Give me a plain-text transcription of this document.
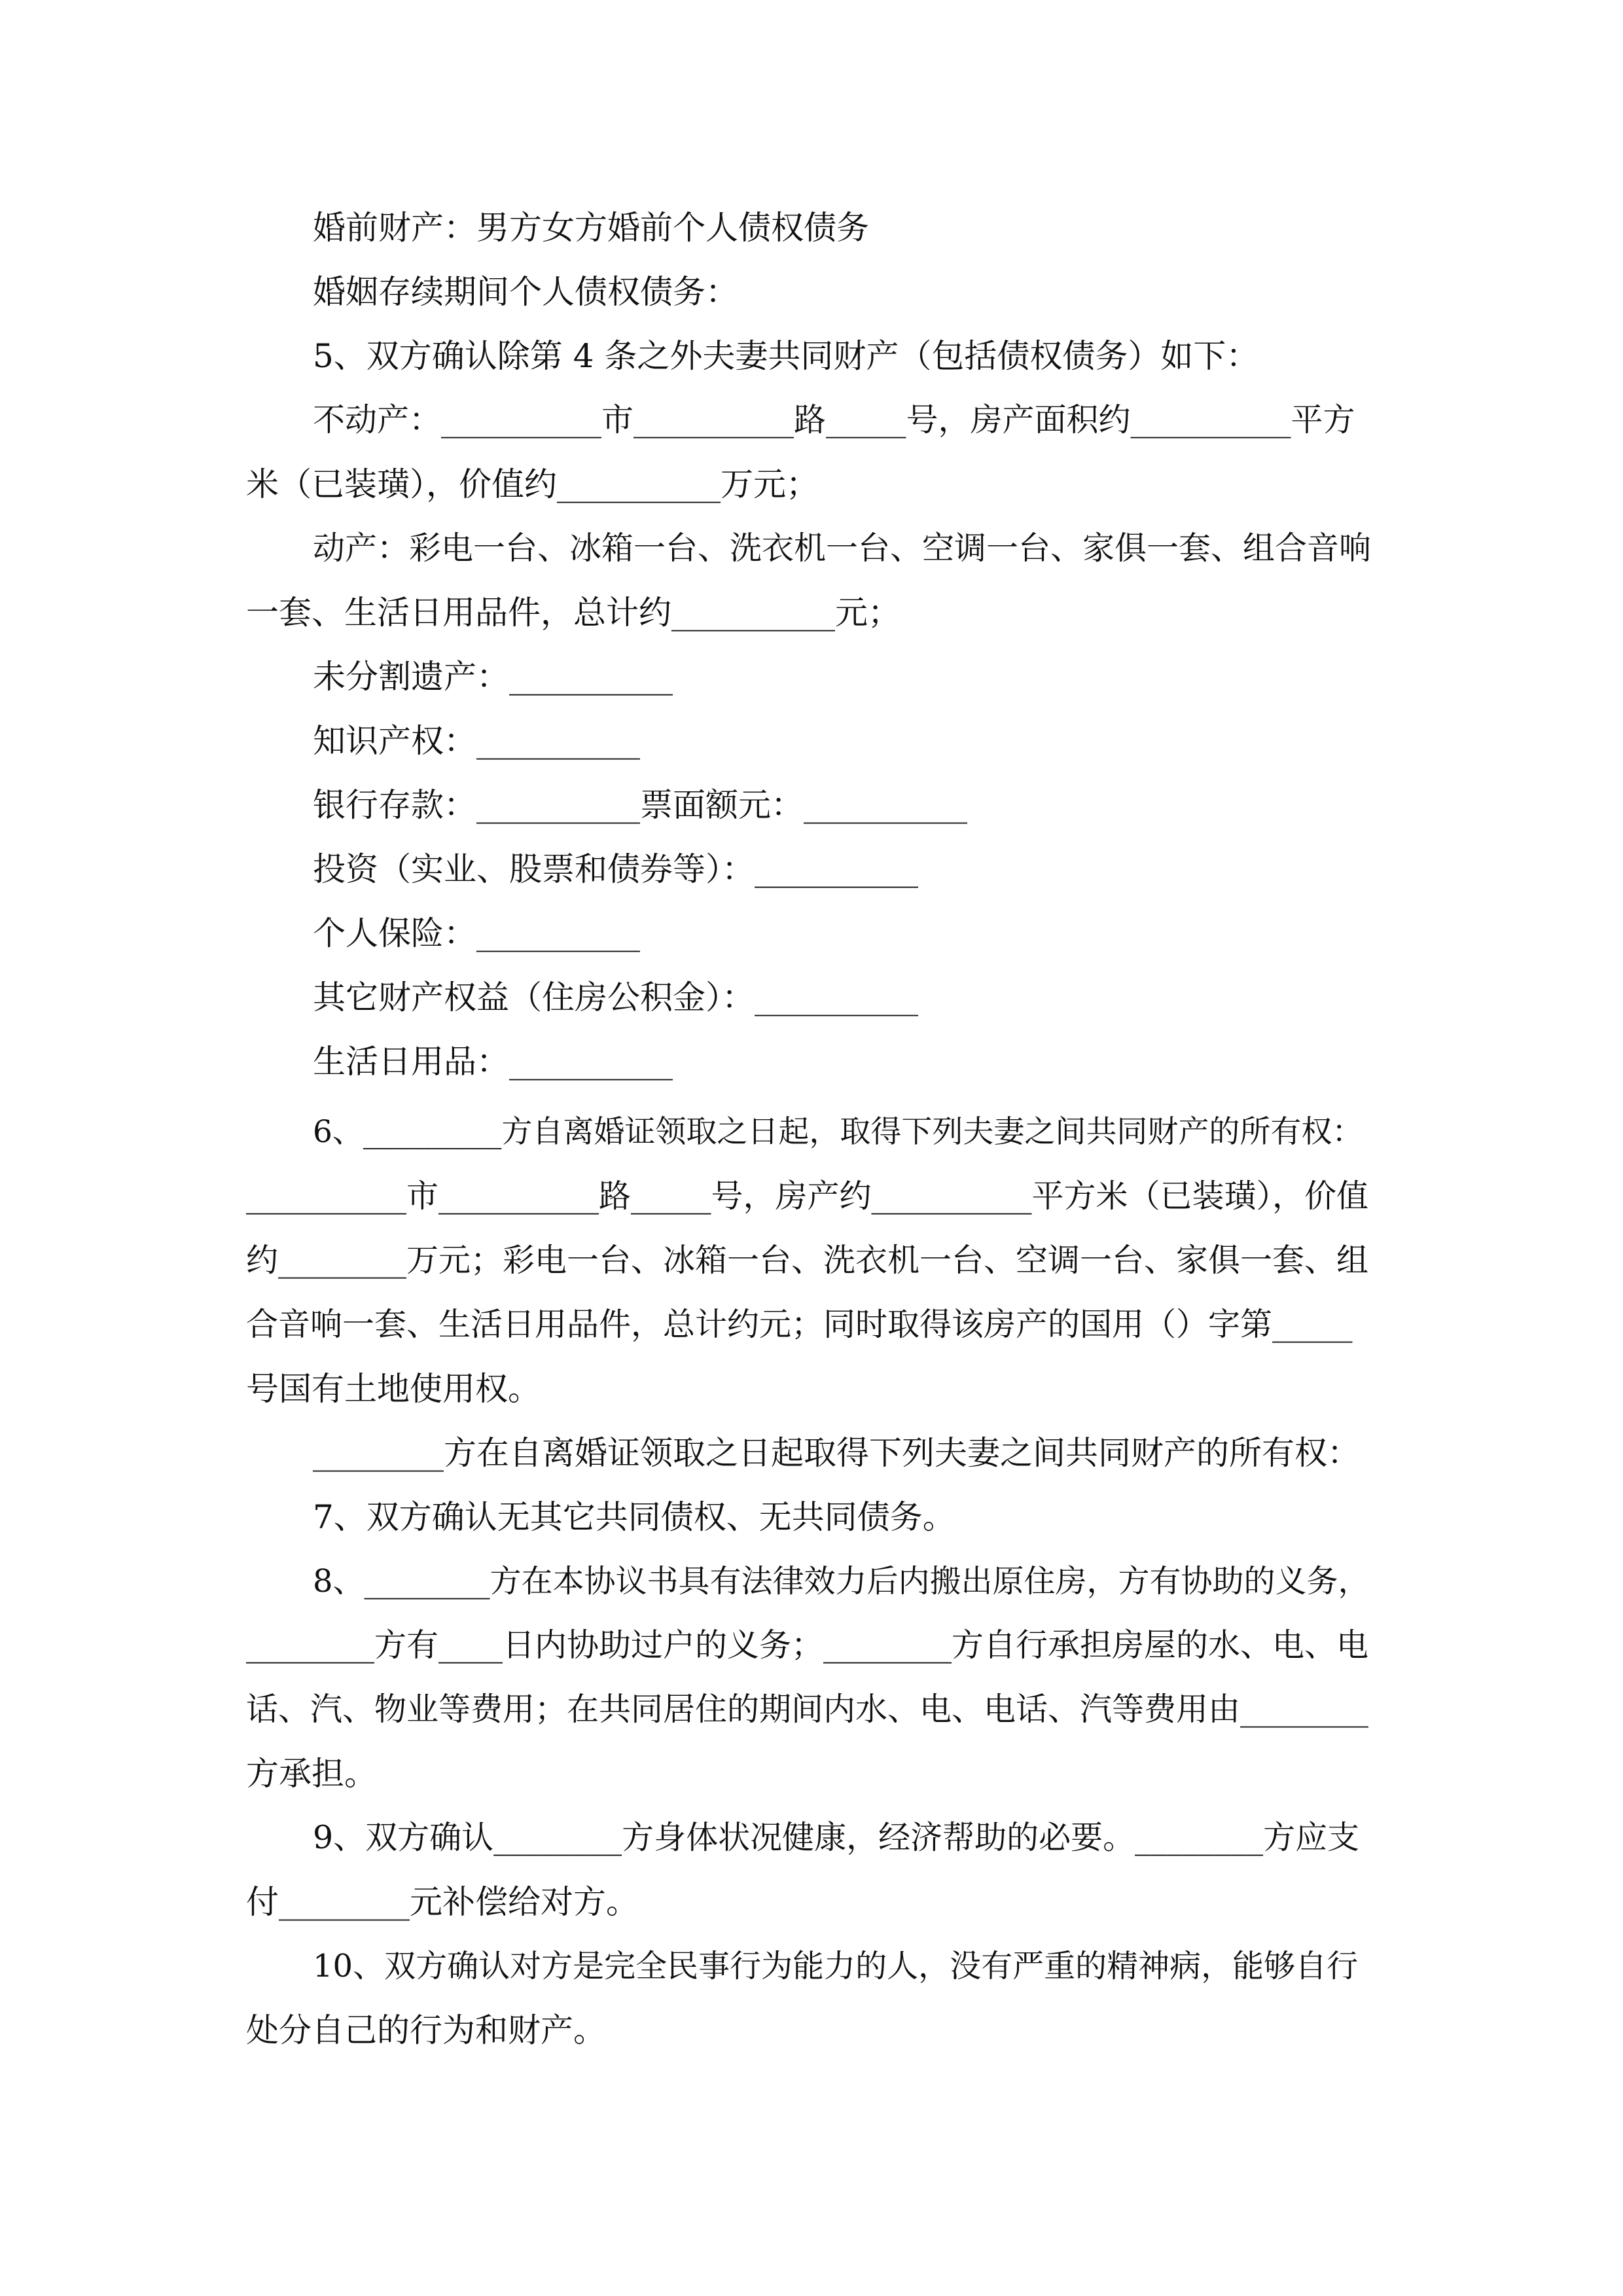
婚前财产：男方女方婚前个人债权债务
婚姻存续期间个人债权债务：
5、双方确认除第 4 条之外夫妻共同财产（包括债权债务）如下：
不动产：__________市__________路_____号，房产面积约__________平方
米（已装璜），价值约__________万元；
动产：彩电一台、冰箱一台、洗衣机一台、空调一台、家俱一套、组合音响
一套、生活日用品件，总计约__________元；
未分割遗产：__________
知识产权：__________
银行存款：__________票面额元：__________
投资（实业、股票和债券等）：__________
个人保险：__________
其它财产权益（住房公积金）：__________
生活日用品：__________
6、_________方自离婚证领取之日起，取得下列夫妻之间共同财产的所有权：
__________市__________路_____号，房产约__________平方米（已装璜），价值
约________万元；彩电一台、冰箱一台、洗衣机一台、空调一台、家俱一套、组
合音响一套、生活日用品件，总计约元；同时取得该房产的国用（）字第_____
号国有土地使用权。
________方在自离婚证领取之日起取得下列夫妻之间共同财产的所有权：
7、双方确认无其它共同债权、无共同债务。
8、________方在本协议书具有法律效力后内搬出原住房，方有协助的义务，
________方有____日内协助过户的义务；________方自行承担房屋的水、电、电
话、汽、物业等费用；在共同居住的期间内水、电、电话、汽等费用由________
方承担。
9、双方确认________方身体状况健康，经济帮助的必要。________方应支
付________元补偿给对方。
10、双方确认对方是完全民事行为能力的人，没有严重的精神病，能够自行
处分自己的行为和财产。
